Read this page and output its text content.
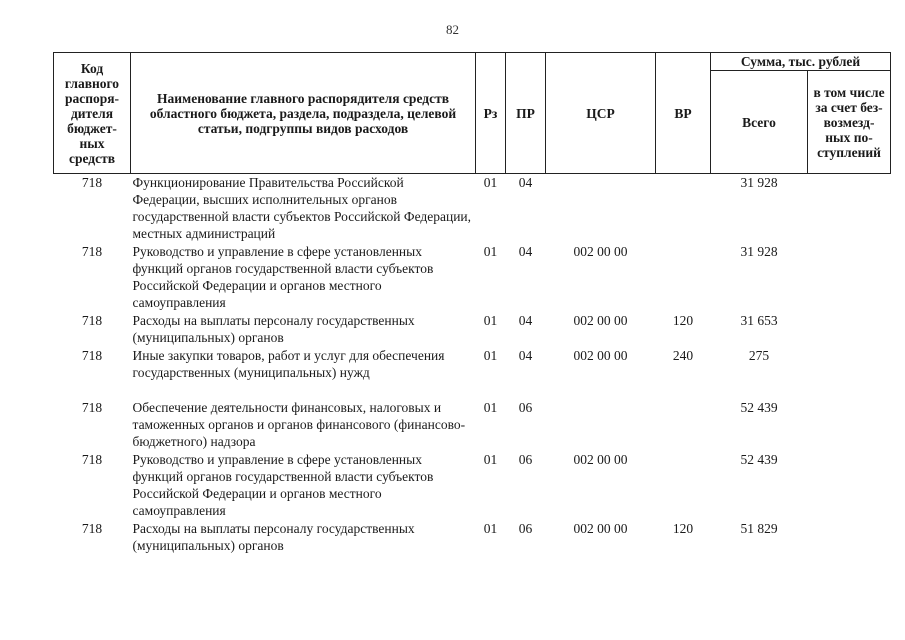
82
Код главного распоря- дителя бюджет- ных средств	Наименование главного распорядителя средств областного бюджета, раздела, подраздела, целевой статьи, подгруппы видов расходов	Рз	ПР	ЦСР	ВР	Сумма, тыс. рублей	
						Всего	в том числе за счет без- возмезд- ных по- ступлений
718	Функционирование Правительства Российской Федерации, высших исполнительных органов государственной власти субъектов Российской Федерации, местных администраций	01	04			31 928	
718	Руководство и управление в сфере установленных функций органов государственной власти субъектов Российской Федерации и органов местного самоуправления	01	04	002 00 00		31 928	
718	Расходы на выплаты персоналу государственных (муниципальных) органов	01	04	002 00 00	120	31 653	
718	Иные закупки товаров, работ и услуг для обеспечения государственных (муниципальных) нужд	01	04	002 00 00	240	275	
718	Обеспечение деятельности финансовых, налоговых и таможенных органов и органов финансового (финансово-бюджетного) надзора	01	06			52 439	
718	Руководство и управление в сфере установленных функций органов государственной власти субъектов Российской Федерации и органов местного самоуправления	01	06	002 00 00		52 439	
718	Расходы на выплаты персоналу государственных (муниципальных) органов	01	06	002 00 00	120	51 829	
